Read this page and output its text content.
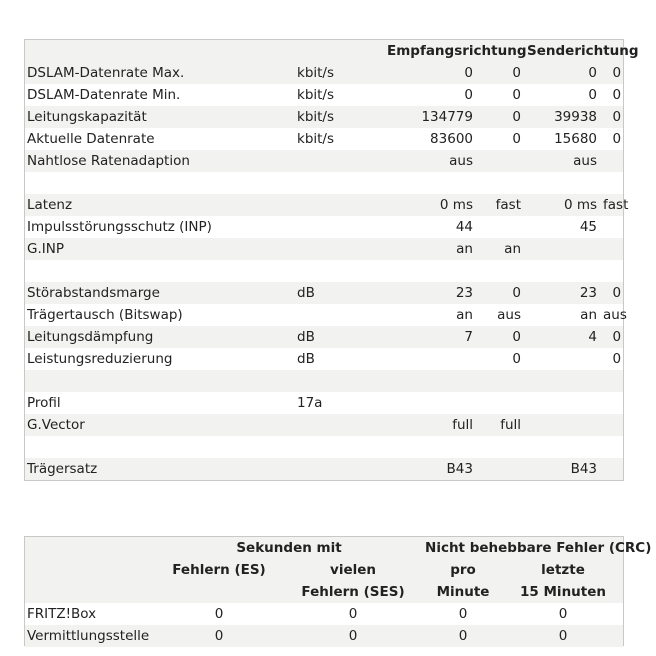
		Empfangsrichtung		Senderichtung	
DSLAM-Datenrate Max.	kbit/s	0	0	0	0
DSLAM-Datenrate Min.	kbit/s	0	0	0	0
Leitungskapazität	kbit/s	134779	0	39938	0
Aktuelle Datenrate	kbit/s	83600	0	15680	0
Nahtlose Ratenadaption		aus		aus	

Latenz		0 ms	fast	0 ms	fast
Impulsstörungsschutz (INP)		44		45	
G.INP		an	an		

Störabstandsmarge	dB	23	0	23	0
Trägertausch (Bitswap)		an	aus	an	aus
Leitungsdämpfung	dB	7	0	4	0
Leistungsreduzierung	dB		0		0

Profil	17a				
G.Vector		full	full		

Trägersatz		B43		B43	
	Sekunden mit		Nicht behebbare Fehler (CRC)	
	Fehlern (ES)	vielen	pro	letzte
		Fehlern (SES)	Minute	15 Minuten
FRITZ!Box	0	0	0	0
Vermittlungsstelle	0	0	0	0
